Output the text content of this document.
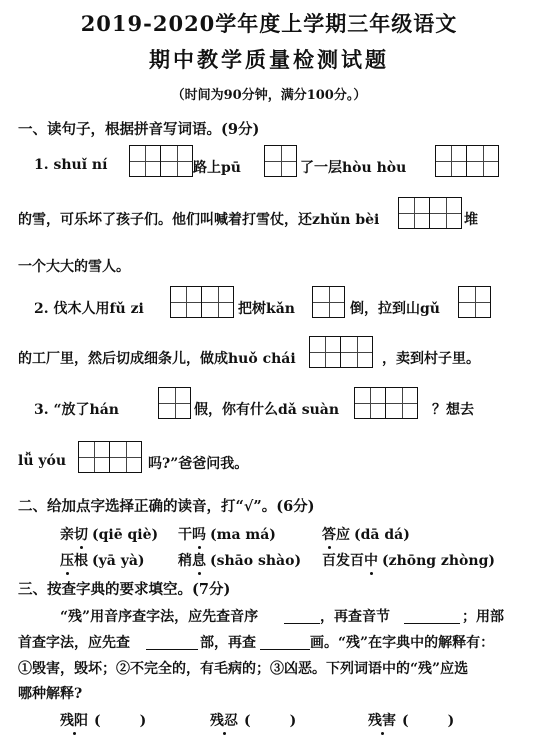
2019-2020学年度上学期三年级语文
期中教学质量检测试题
（时间为90分钟，满分100分。）
一、读句子，根据拼音写词语。(9分)
1. shuǐ ní	路上pū	了一层hòu hòu
的雪，可乐坏了孩子们。他们叫喊着打雪仗，还zhǔn bèi	堆
一个大大的雪人。
2. 伐木人用fǔ zi	把树kǎn	倒，拉到山gǔ
的工厂里，然后切成细条儿，做成huǒ chái	，卖到村子里。
3. “放了hán	假，你有什么dǎ suàn	？想去
lǚ yóu	吗?”爸爸问我。
二、给加点字选择正确的读音，打“√”。(6分)
亲切 (qiē qiè) 干吗 (ma má)	答应 (dā dá)
压根 (yā yà) 稍息 (shāo shào) 百发百中 (zhōng zhòng)
三、按查字典的要求填空。(7分)
“残”用音序查字法，应先查音序	，再查音节	；用部
首查字法，应先查	部，再查	画。“残”在字典中的解释有：
①毁害，毁坏；②不完全的，有毛病的；③凶恶。下列词语中的“残”应选
哪种解释?
残阳 (        )	残忍 (        )	残害 (        )
